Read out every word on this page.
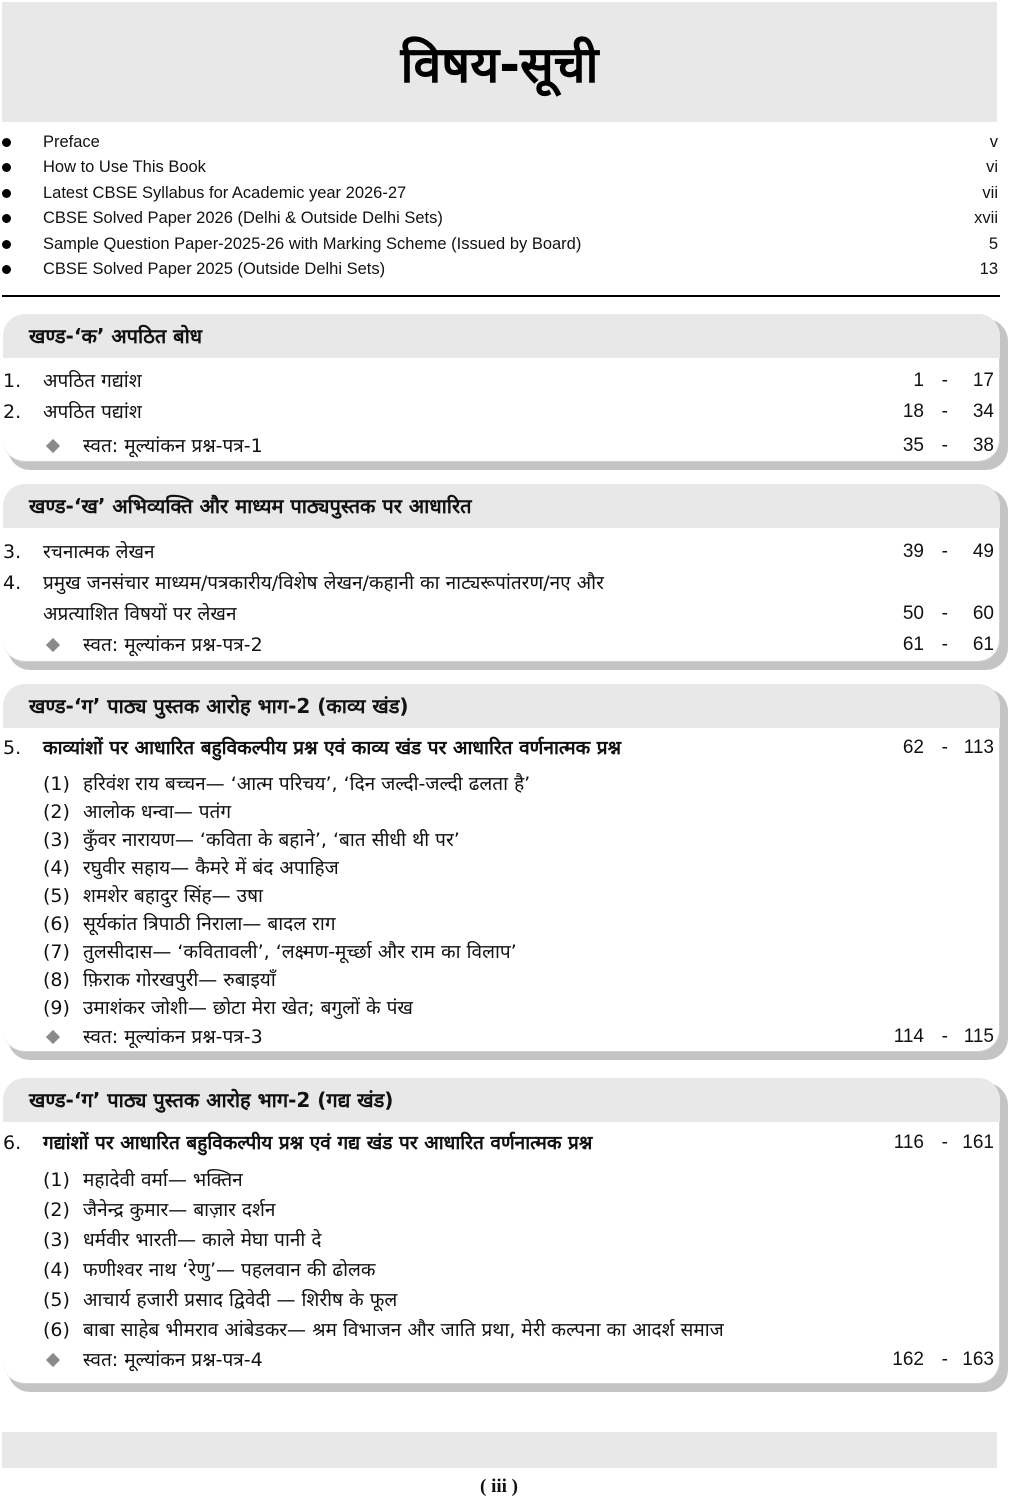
विषय-सूची
Preface	v
How to Use This Book	vi
Latest CBSE Syllabus for Academic year 2026-27	vii
CBSE Solved Paper 2026 (Delhi & Outside Delhi Sets)	xvii
Sample Question Paper-2025-26 with Marking Scheme (Issued by Board)	5
CBSE Solved Paper 2025 (Outside Delhi Sets)	13
खण्ड-‘क’ अपठित बोध
1. अपठित गद्यांश	1 - 17
2. अपठित पद्यांश	18 - 34
स्वत: मूल्यांकन प्रश्न-पत्र-1	35 - 38
खण्ड-‘ख’ अभिव्यक्ति और माध्यम पाठ्यपुस्तक पर आधारित
3. रचनात्मक लेखन	39 - 49
4. प्रमुख जनसंचार माध्यम/पत्रकारीय/विशेष लेखन/कहानी का नाट्यरूपांतरण/नए और
अप्रत्याशित विषयों पर लेखन	50 - 60
स्वत: मूल्यांकन प्रश्न-पत्र-2	61 - 61
खण्ड-‘ग’ पाठ्य पुस्तक आरोह भाग-2 (काव्य खंड)
5. काव्यांशों पर आधारित बहुविकल्पीय प्रश्न एवं काव्य खंड पर आधारित वर्णनात्मक प्रश्न	62 - 113
(1) हरिवंश राय बच्चन— ‘आत्म परिचय’, ‘दिन जल्दी-जल्दी ढलता है’
(2) आलोक धन्वा— पतंग
(3) कुँवर नारायण— ‘कविता के बहाने’, ‘बात सीधी थी पर’
(4) रघुवीर सहाय— कैमरे में बंद अपाहिज
(5) शमशेर बहादुर सिंह— उषा
(6) सूर्यकांत त्रिपाठी निराला— बादल राग
(7) तुलसीदास— ‘कवितावली’, ‘लक्ष्मण-मूर्च्छा और राम का विलाप’
(8) फ़िराक गोरखपुरी— रुबाइयाँ
(9) उमाशंकर जोशी— छोटा मेरा खेत; बगुलों के पंख
स्वत: मूल्यांकन प्रश्न-पत्र-3	114 - 115
खण्ड-‘ग’ पाठ्य पुस्तक आरोह भाग-2 (गद्य खंड)
6. गद्यांशों पर आधारित बहुविकल्पीय प्रश्न एवं गद्य खंड पर आधारित वर्णनात्मक प्रश्न	116 - 161
(1) महादेवी वर्मा— भक्तिन
(2) जैनेन्द्र कुमार— बाज़ार दर्शन
(3) धर्मवीर भारती— काले मेघा पानी दे
(4) फणीश्वर नाथ ‘रेणु’— पहलवान की ढोलक
(5) आचार्य हजारी प्रसाद द्विवेदी — शिरीष के फूल
(6) बाबा साहेब भीमराव आंबेडकर— श्रम विभाजन और जाति प्रथा, मेरी कल्पना का आदर्श समाज
स्वत: मूल्यांकन प्रश्न-पत्र-4	162 - 163
( iii )
